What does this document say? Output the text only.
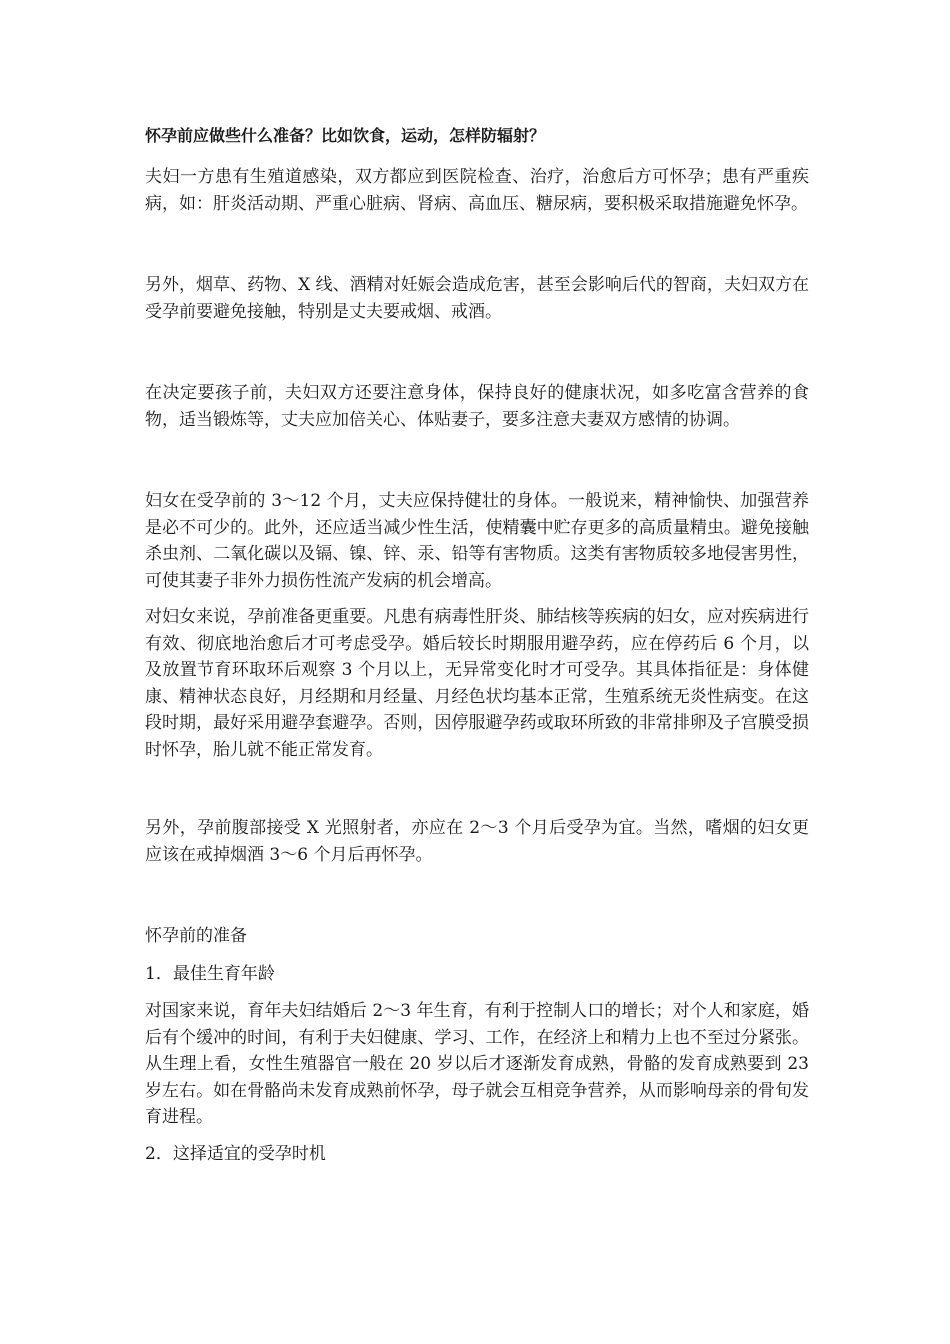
怀孕前应做些什么准备？比如饮食，运动，怎样防辐射？

夫妇一方患有生殖道感染，双方都应到医院检查、治疗，治愈后方可怀孕；患有严重疾病，如：肝炎活动期、严重心脏病、肾病、高血压、糖尿病，要积极采取措施避免怀孕。

另外，烟草、药物、X 线、酒精对妊娠会造成危害，甚至会影响后代的智商，夫妇双方在受孕前要避免接触，特别是丈夫要戒烟、戒酒。

在决定要孩子前，夫妇双方还要注意身体，保持良好的健康状况，如多吃富含营养的食物，适当锻炼等，丈夫应加倍关心、体贴妻子，要多注意夫妻双方感情的协调。

妇女在受孕前的 3～12 个月，丈夫应保持健壮的身体。一般说来，精神愉快、加强营养是必不可少的。此外，还应适当减少性生活，使精囊中贮存更多的高质量精虫。避免接触杀虫剂、二氧化碳以及镉、镍、锌、汞、铅等有害物质。这类有害物质较多地侵害男性，可使其妻子非外力损伤性流产发病的机会增高。

对妇女来说，孕前准备更重要。凡患有病毒性肝炎、肺结核等疾病的妇女，应对疾病进行有效、彻底地治愈后才可考虑受孕。婚后较长时期服用避孕药，应在停药后 6 个月，以及放置节育环取环后观察 3 个月以上，无异常变化时才可受孕。其具体指征是：身体健康、精神状态良好，月经期和月经量、月经色状均基本正常，生殖系统无炎性病变。在这段时期，最好采用避孕套避孕。否则，因停服避孕药或取环所致的非常排卵及子宫膜受损时怀孕，胎儿就不能正常发育。

另外，孕前腹部接受 X 光照射者，亦应在 2～3 个月后受孕为宜。当然，嗜烟的妇女更应该在戒掉烟酒 3～6 个月后再怀孕。

怀孕前的准备

1．最佳生育年龄

对国家来说，育年夫妇结婚后 2～3 年生育，有利于控制人口的增长；对个人和家庭，婚后有个缓冲的时间，有利于夫妇健康、学习、工作，在经济上和精力上也不至过分紧张。从生理上看，女性生殖器官一般在 20 岁以后才逐渐发育成熟，骨骼的发育成熟要到 23 岁左右。如在骨骼尚未发育成熟前怀孕，母子就会互相竞争营养，从而影响母亲的骨旬发育进程。

2．这择适宜的受孕时机
